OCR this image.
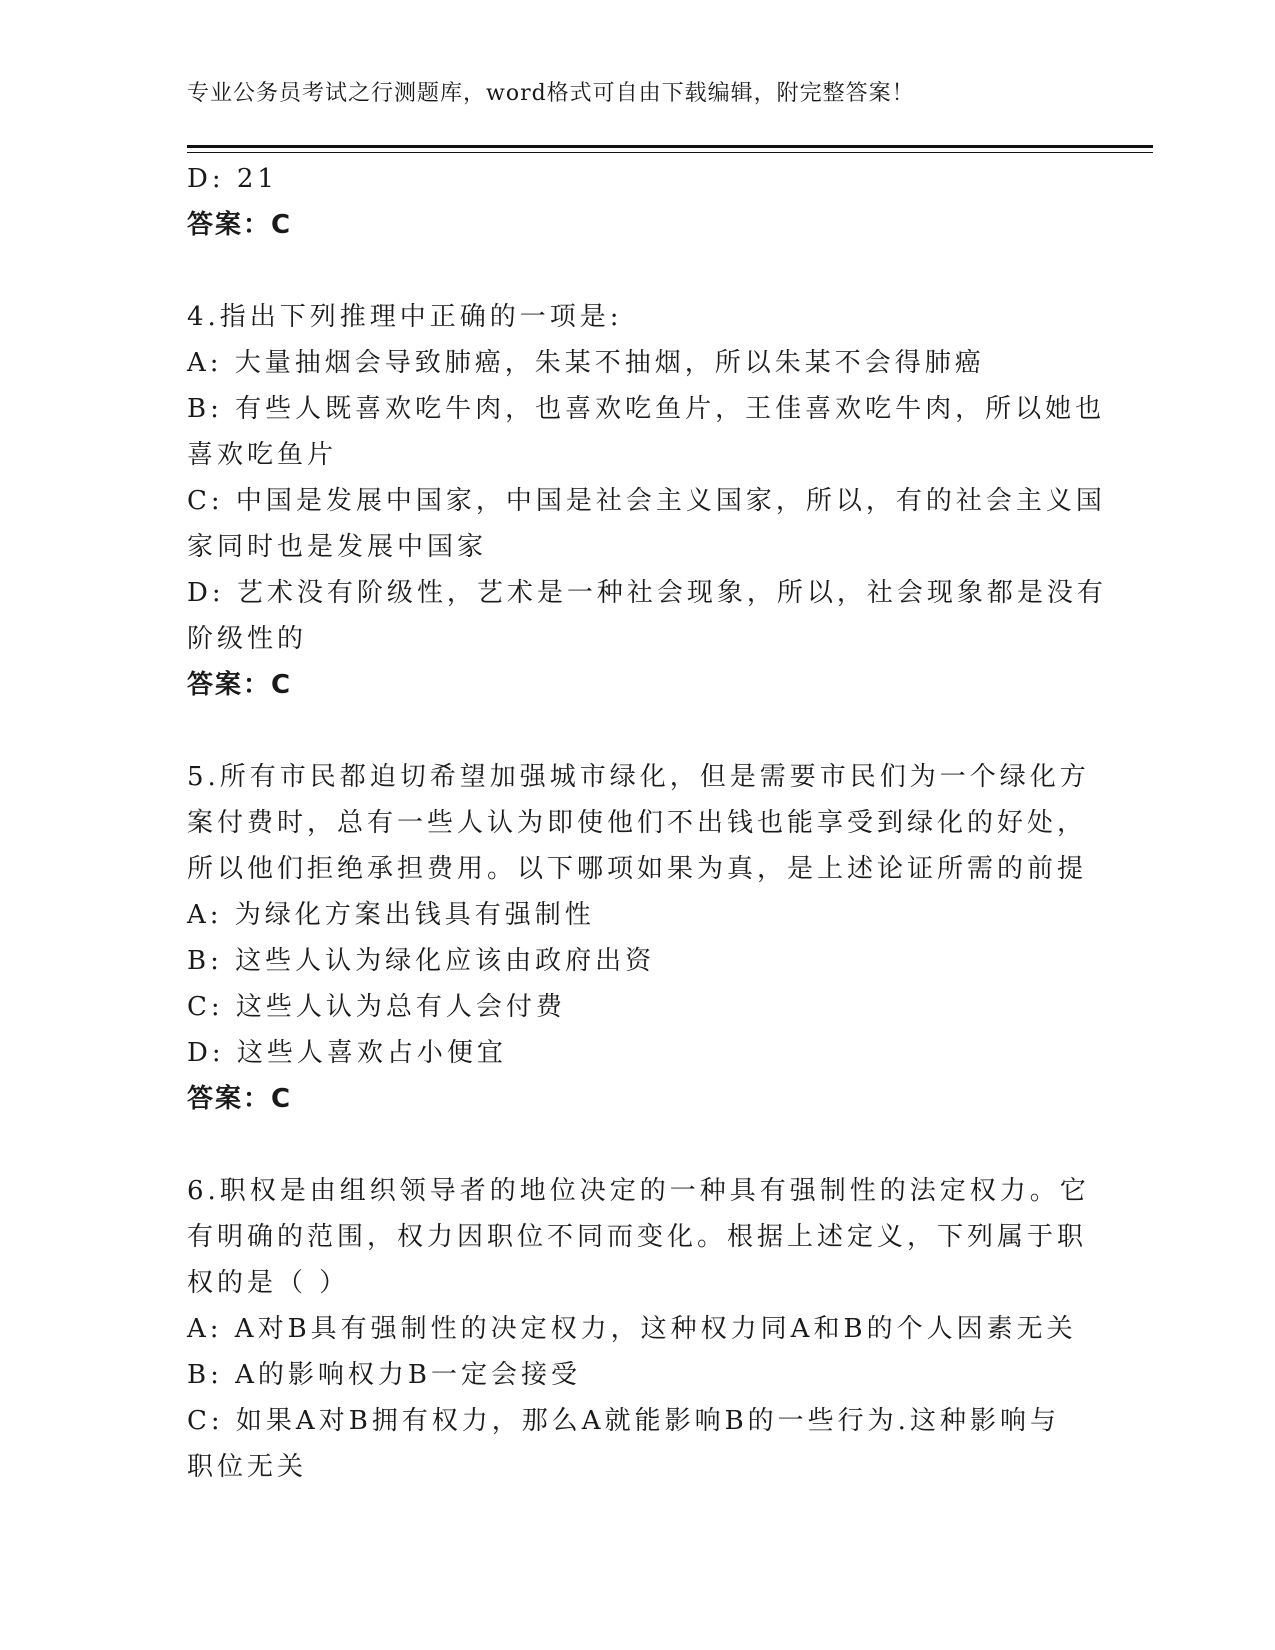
专业公务员考试之行测题库，word格式可自由下载编辑，附完整答案！
D: 21
答案：C
4.指出下列推理中正确的一项是:
A: 大量抽烟会导致肺癌，朱某不抽烟，所以朱某不会得肺癌
B: 有些人既喜欢吃牛肉，也喜欢吃鱼片，王佳喜欢吃牛肉，所以她也
喜欢吃鱼片
C: 中国是发展中国家，中国是社会主义国家，所以，有的社会主义国
家同时也是发展中国家
D: 艺术没有阶级性，艺术是一种社会现象，所以，社会现象都是没有
阶级性的
答案：C
5.所有市民都迫切希望加强城市绿化，但是需要市民们为一个绿化方
案付费时，总有一些人认为即使他们不出钱也能享受到绿化的好处，
所以他们拒绝承担费用。以下哪项如果为真，是上述论证所需的前提
A: 为绿化方案出钱具有强制性
B: 这些人认为绿化应该由政府出资
C: 这些人认为总有人会付费
D: 这些人喜欢占小便宜
答案：C
6.职权是由组织领导者的地位决定的一种具有强制性的法定权力。它
有明确的范围，权力因职位不同而变化。根据上述定义，下列属于职
权的是（ ）
A: A对B具有强制性的决定权力，这种权力同A和B的个人因素无关
B: A的影响权力B一定会接受
C: 如果A对B拥有权力，那么A就能影响B的一些行为.这种影响与
职位无关
